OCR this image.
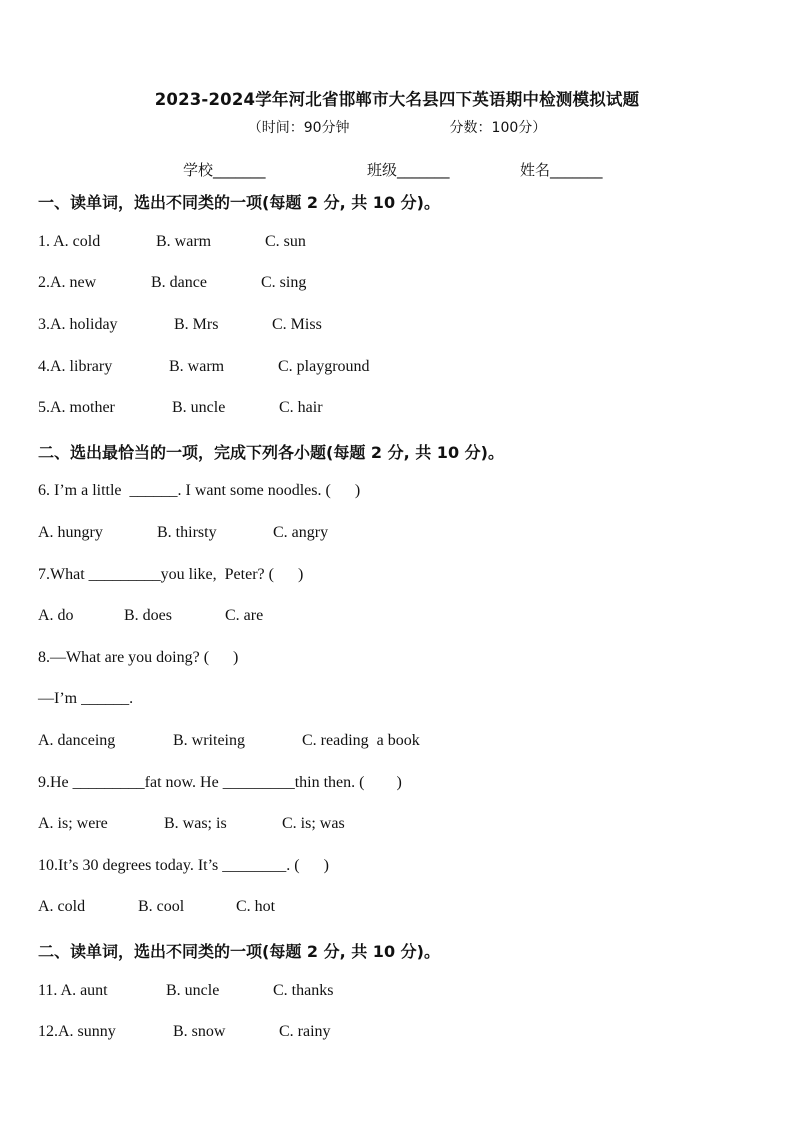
2023-2024学年河北省邯郸市大名县四下英语期中检测模拟试题
（时间：90分钟	分数：100分）
学校_______	班级_______	姓名_______
一、读单词，选出不同类的一项(每题 2 分, 共 10 分)。
1. A. cold	B. warm	C. sun
2.A. new	B. dance	C. sing
3.A. holiday	B. Mrs	C. Miss
4.A. library	B. warm	C. playground
5.A. mother	B. uncle	C. hair
二、选出最恰当的一项，完成下列各小题(每题 2 分, 共 10 分)。
6. I’m a little  ______. I want some noodles. (      )
A. hungry	B. thirsty	C. angry
7.What _________you like,  Peter? (      )
A. do	B. does	C. are
8.—What are you doing? (      )
—I’m ______.
A. danceing	B. writeing	C. reading  a book
9.He _________fat now. He _________thin then. (        )
A. is; were	B. was; is	C. is; was
10.It’s 30 degrees today. It’s ________. (      )
A. cold	B. cool	C. hot
二、读单词，选出不同类的一项(每题 2 分, 共 10 分)。
11. A. aunt	B. uncle	C. thanks
12.A. sunny	B. snow	C. rainy
